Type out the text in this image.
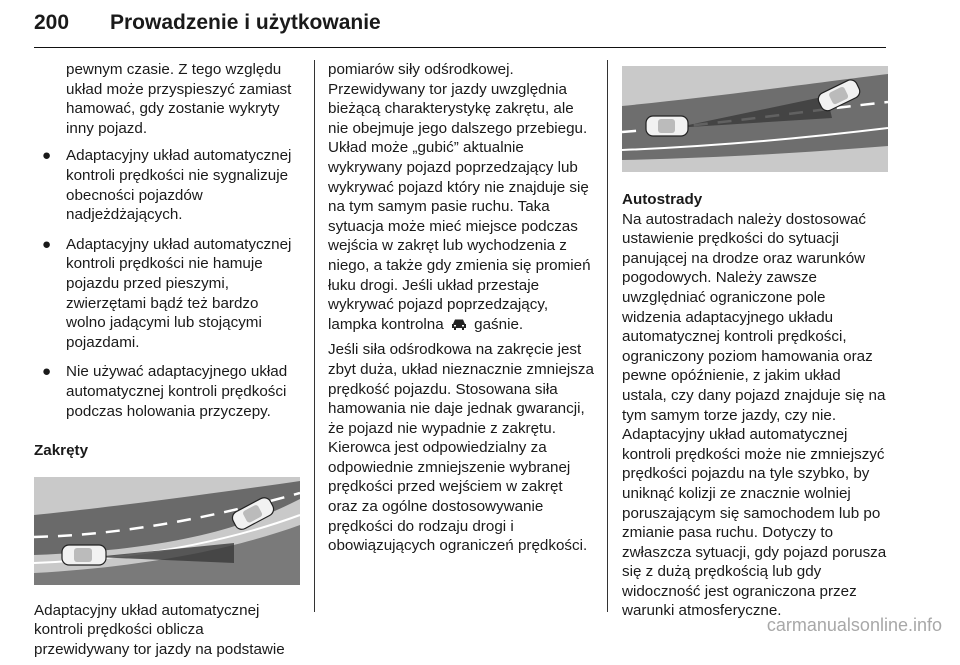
200 Prowadzenie i użytkowanie

pewnym czasie. Z tego względu układ może przyspieszyć zamiast hamować, gdy zostanie wykryty inny pojazd.

● Adaptacyjny układ automatycznej kontroli prędkości nie sygnalizuje obecności pojazdów nadjeżdżających.
● Adaptacyjny układ automatycznej kontroli prędkości nie hamuje pojazdu przed pieszymi, zwierzętami bądź też bardzo wolno jadącymi lub stojącymi pojazdami.
● Nie używać adaptacyjnego układ automatycznej kontroli prędkości podczas holowania przyczepy.

Zakręty

Adaptacyjny układ automatycznej kontroli prędkości oblicza przewidywany tor jazdy na podstawie

pomiarów siły odśrodkowej. Przewidywany tor jazdy uwzględnia bieżącą charakterystykę zakrętu, ale nie obejmuje jego dalszego przebiegu. Układ może „gubić” aktualnie wykrywany pojazd poprzedzający lub wykrywać pojazd który nie znajduje się na tym samym pasie ruchu. Taka sytuacja może mieć miejsce podczas wejścia w zakręt lub wychodzenia z niego, a także gdy zmienia się promień łuku drogi. Jeśli układ przestaje wykrywać pojazd poprzedzający, lampka kontrolna gaśnie.

Jeśli siła odśrodkowa na zakręcie jest zbyt duża, układ nieznacznie zmniejsza prędkość pojazdu. Stosowana siła hamowania nie daje jednak gwarancji, że pojazd nie wypadnie z zakrętu. Kierowca jest odpowiedzialny za odpowiednie zmniejszenie wybranej prędkości przed wejściem w zakręt oraz za ogólne dostosowywanie prędkości do rodzaju drogi i obowiązujących ograniczeń prędkości.

Autostrady

Na autostradach należy dostosować ustawienie prędkości do sytuacji panującej na drodze oraz warunków pogodowych. Należy zawsze uwzględniać ograniczone pole widzenia adaptacyjnego układu automatycznej kontroli prędkości, ograniczony poziom hamowania oraz pewne opóźnienie, z jakim układ ustala, czy dany pojazd znajduje się na tym samym torze jazdy, czy nie. Adaptacyjny układ automatycznej kontroli prędkości może nie zmniejszyć prędkości pojazdu na tyle szybko, by uniknąć kolizji ze znacznie wolniej poruszającym się samochodem lub po zmianie pasa ruchu. Dotyczy to zwłaszcza sytuacji, gdy pojazd porusza się z dużą prędkością lub gdy widoczność jest ograniczona przez warunki atmosferyczne.

carmanualsonline.info
